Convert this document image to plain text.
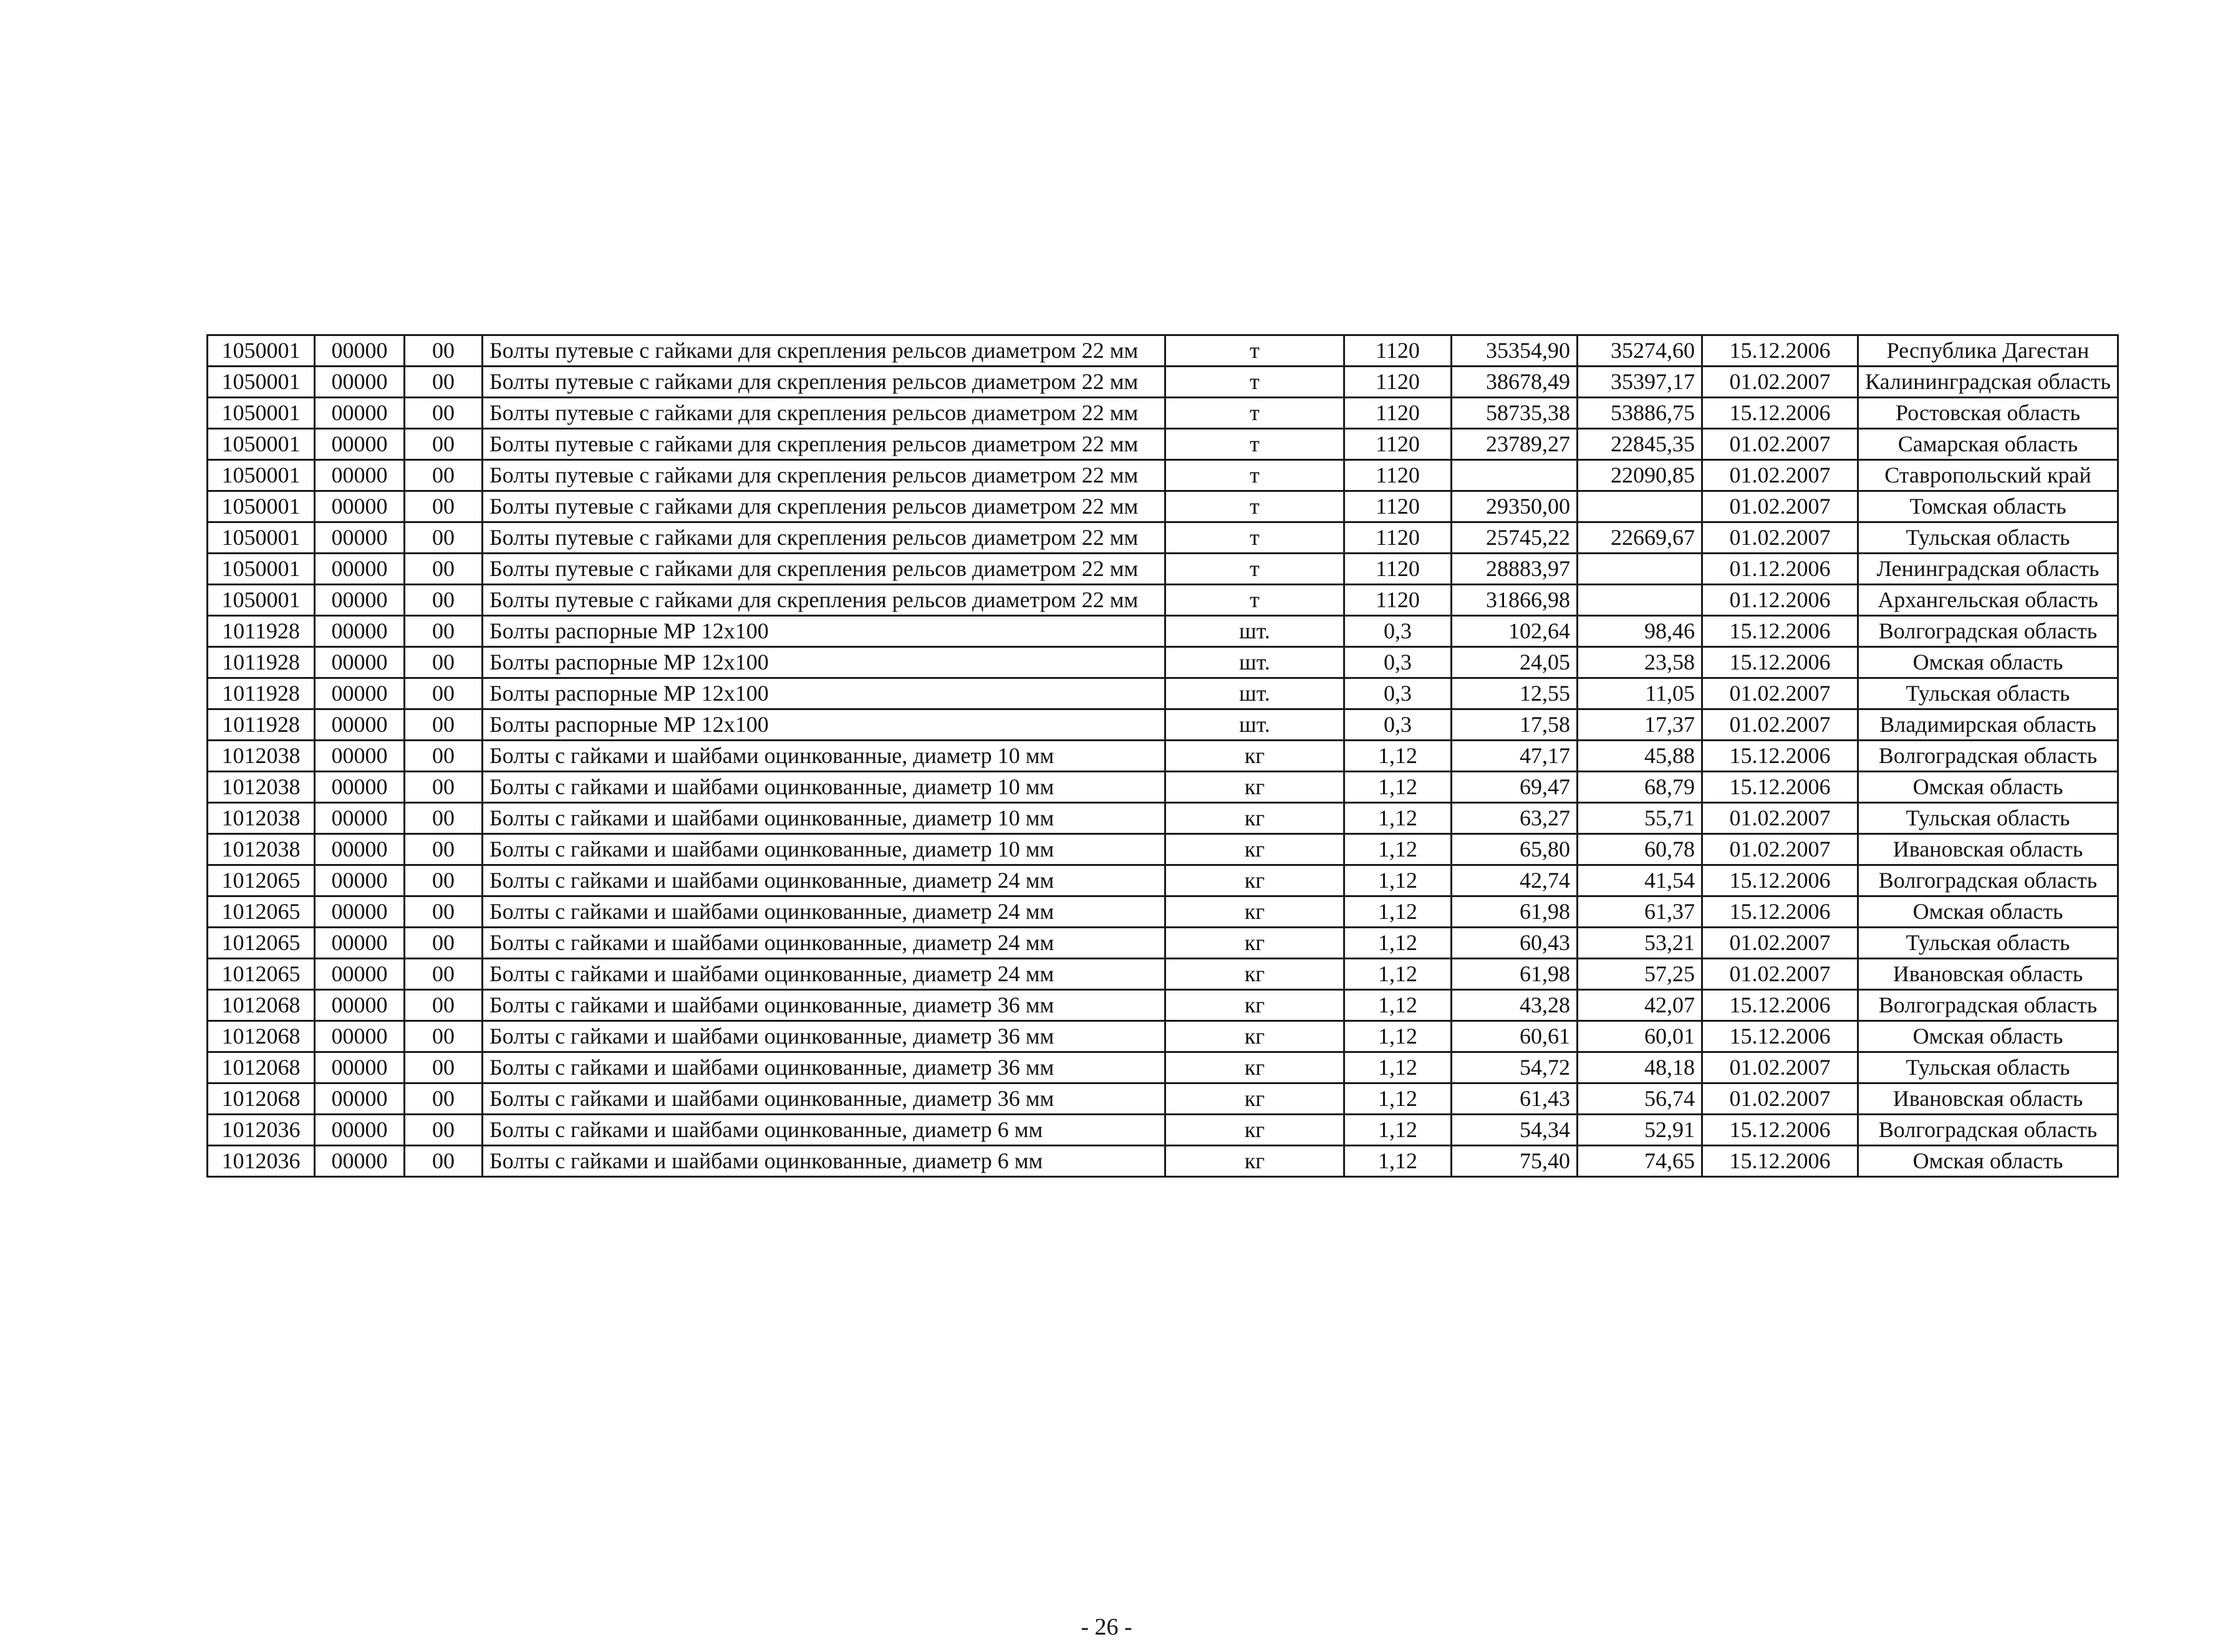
1050001	00000	00	Болты путевые с гайками для скрепления рельсов диаметром 22 мм	т	1120	35354,90	35274,60	15.12.2006	Республика Дагестан
1050001	00000	00	Болты путевые с гайками для скрепления рельсов диаметром 22 мм	т	1120	38678,49	35397,17	01.02.2007	Калининградская область
1050001	00000	00	Болты путевые с гайками для скрепления рельсов диаметром 22 мм	т	1120	58735,38	53886,75	15.12.2006	Ростовская область
1050001	00000	00	Болты путевые с гайками для скрепления рельсов диаметром 22 мм	т	1120	23789,27	22845,35	01.02.2007	Самарская область
1050001	00000	00	Болты путевые с гайками для скрепления рельсов диаметром 22 мм	т	1120		22090,85	01.02.2007	Ставропольский край
1050001	00000	00	Болты путевые с гайками для скрепления рельсов диаметром 22 мм	т	1120	29350,00		01.02.2007	Томская область
1050001	00000	00	Болты путевые с гайками для скрепления рельсов диаметром 22 мм	т	1120	25745,22	22669,67	01.02.2007	Тульская область
1050001	00000	00	Болты путевые с гайками для скрепления рельсов диаметром 22 мм	т	1120	28883,97		01.12.2006	Ленинградская область
1050001	00000	00	Болты путевые с гайками для скрепления рельсов диаметром 22 мм	т	1120	31866,98		01.12.2006	Архангельская область
1011928	00000	00	Болты распорные МР 12x100	шт.	0,3	102,64	98,46	15.12.2006	Волгоградская область
1011928	00000	00	Болты распорные МР 12x100	шт.	0,3	24,05	23,58	15.12.2006	Омская область
1011928	00000	00	Болты распорные МР 12x100	шт.	0,3	12,55	11,05	01.02.2007	Тульская область
1011928	00000	00	Болты распорные МР 12x100	шт.	0,3	17,58	17,37	01.02.2007	Владимирская область
1012038	00000	00	Болты с гайками и шайбами оцинкованные, диаметр 10 мм	кг	1,12	47,17	45,88	15.12.2006	Волгоградская область
1012038	00000	00	Болты с гайками и шайбами оцинкованные, диаметр 10 мм	кг	1,12	69,47	68,79	15.12.2006	Омская область
1012038	00000	00	Болты с гайками и шайбами оцинкованные, диаметр 10 мм	кг	1,12	63,27	55,71	01.02.2007	Тульская область
1012038	00000	00	Болты с гайками и шайбами оцинкованные, диаметр 10 мм	кг	1,12	65,80	60,78	01.02.2007	Ивановская область
1012065	00000	00	Болты с гайками и шайбами оцинкованные, диаметр 24 мм	кг	1,12	42,74	41,54	15.12.2006	Волгоградская область
1012065	00000	00	Болты с гайками и шайбами оцинкованные, диаметр 24 мм	кг	1,12	61,98	61,37	15.12.2006	Омская область
1012065	00000	00	Болты с гайками и шайбами оцинкованные, диаметр 24 мм	кг	1,12	60,43	53,21	01.02.2007	Тульская область
1012065	00000	00	Болты с гайками и шайбами оцинкованные, диаметр 24 мм	кг	1,12	61,98	57,25	01.02.2007	Ивановская область
1012068	00000	00	Болты с гайками и шайбами оцинкованные, диаметр 36 мм	кг	1,12	43,28	42,07	15.12.2006	Волгоградская область
1012068	00000	00	Болты с гайками и шайбами оцинкованные, диаметр 36 мм	кг	1,12	60,61	60,01	15.12.2006	Омская область
1012068	00000	00	Болты с гайками и шайбами оцинкованные, диаметр 36 мм	кг	1,12	54,72	48,18	01.02.2007	Тульская область
1012068	00000	00	Болты с гайками и шайбами оцинкованные, диаметр 36 мм	кг	1,12	61,43	56,74	01.02.2007	Ивановская область
1012036	00000	00	Болты с гайками и шайбами оцинкованные, диаметр 6 мм	кг	1,12	54,34	52,91	15.12.2006	Волгоградская область
1012036	00000	00	Болты с гайками и шайбами оцинкованные, диаметр 6 мм	кг	1,12	75,40	74,65	15.12.2006	Омская область
- 26 -
